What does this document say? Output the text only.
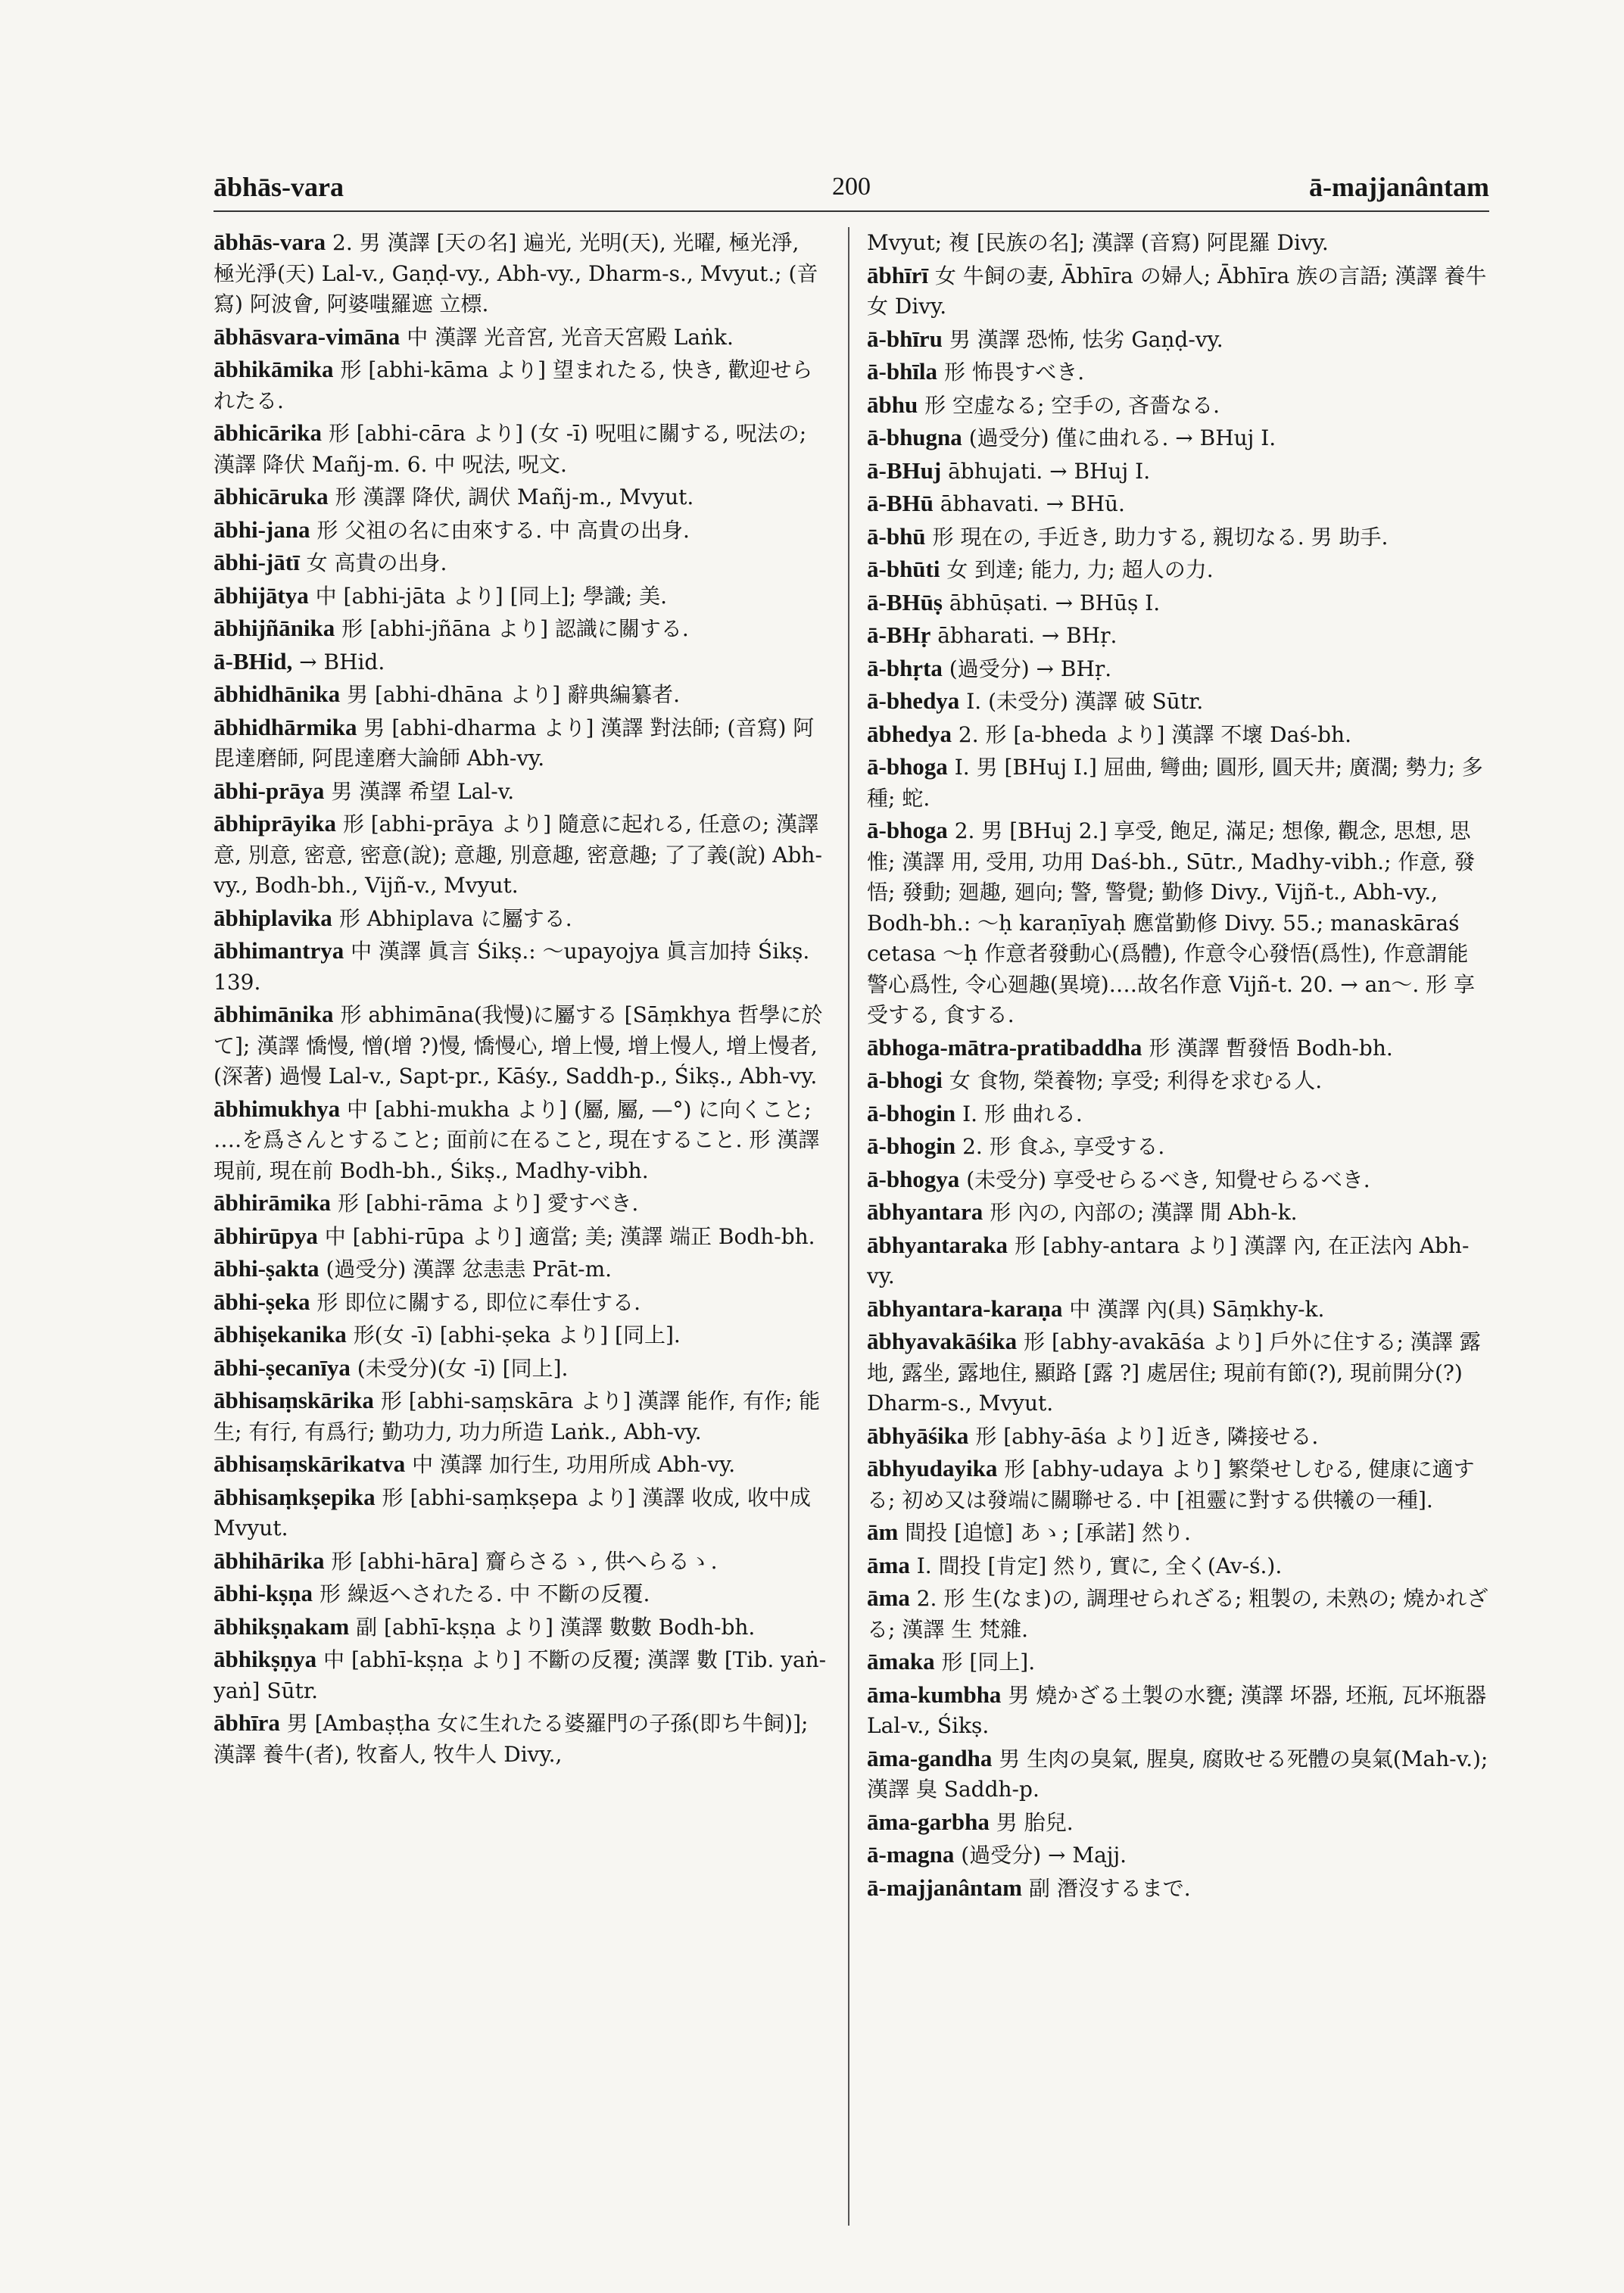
ābhās-vara	200	ā-majjanântam
ābhās-vara 2. 男 漢譯 [天の名] 遍光, 光明(天), 光曜, 極光淨, 極光淨(天) Lal-v., Gaṇḍ-vy., Abh-vy., Dharm-s., Mvyut.; (音寫) 阿波會, 阿婆嗤羅遮 立標.
ābhāsvara-vimāna 中 漢譯 光音宮, 光音天宮殿 Laṅk.
ābhikāmika 形 [abhi-kāma より] 望まれたる, 快き, 歡迎せられたる.
ābhicārika 形 [abhi-cāra より] (女 -ī) 呪咀に關する, 呪法の; 漢譯 降伏 Mañj-m. 6. 中 呪法, 呪文.
ābhicāruka 形 漢譯 降伏, 調伏 Mañj-m., Mvyut.
ābhi-jana 形 父祖の名に由來する. 中 高貴の出身.
ābhi-jātī 女 高貴の出身.
ābhijātya 中 [abhi-jāta より] [同上]; 學識; 美.
ābhijñānika 形 [abhi-jñāna より] 認識に關する.
ā-BHid, → BHid.
ābhidhānika 男 [abhi-dhāna より] 辭典編纂者.
ābhidhārmika 男 [abhi-dharma より] 漢譯 對法師; (音寫) 阿毘達磨師, 阿毘達磨大論師 Abh-vy.
ābhi-prāya 男 漢譯 希望 Lal-v.
ābhiprāyika 形 [abhi-prāya より] 隨意に起れる, 任意の; 漢譯 意, 別意, 密意, 密意(說); 意趣, 別意趣, 密意趣; 了了義(說) Abh-vy., Bodh-bh., Vijñ-v., Mvyut.
ābhiplavika 形 Abhiplava に屬する.
ābhimantrya 中 漢譯 眞言 Śikṣ.: 〜upayojya 眞言加持 Śikṣ. 139.
ābhimānika 形 abhimāna(我慢)に屬する [Sāṃkhya 哲學に於て]; 漢譯 憍慢, 憎(增 ?)慢, 憍慢心, 增上慢, 增上慢人, 增上慢者, (深著) 過慢 Lal-v., Sapt-pr., Kāśy., Saddh-p., Śikṣ., Abh-vy.
ābhimukhya 中 [abhi-mukha より] (屬, 屬, —°) に向くこと; ‥‥を爲さんとすること; 面前に在ること, 現在すること. 形 漢譯 現前, 現在前 Bodh-bh., Śikṣ., Madhy-vibh.
ābhirāmika 形 [abhi-rāma より] 愛すべき.
ābhirūpya 中 [abhi-rūpa より] 適當; 美; 漢譯 端正 Bodh-bh.
ābhi-ṣakta (過受分) 漢譯 忿恚恚 Prāt-m.
ābhi-ṣeka 形 即位に關する, 即位に奉仕する.
ābhiṣekanika 形(女 -ī) [abhi-ṣeka より] [同上].
ābhi-ṣecanīya (未受分)(女 -ī) [同上].
ābhisaṃskārika 形 [abhi-saṃskāra より] 漢譯 能作, 有作; 能生; 有行, 有爲行; 勤功力, 功力所造 Laṅk., Abh-vy.
ābhisaṃskārikatva 中 漢譯 加行生, 功用所成 Abh-vy.
ābhisaṃkṣepika 形 [abhi-saṃkṣepa より] 漢譯 收成, 收中成 Mvyut.
ābhihārika 形 [abhi-hāra] 齎らさるゝ, 供へらるゝ.
ābhi-kṣṇa 形 繰返へされたる. 中 不斷の反覆.
ābhikṣṇakam 副 [abhī-kṣṇa より] 漢譯 數數 Bodh-bh.
ābhikṣṇya 中 [abhī-kṣṇa より] 不斷の反覆; 漢譯 數 [Tib. yaṅ-yaṅ] Sūtr.
ābhīra 男 [Ambaṣṭha 女に生れたる婆羅門の子孫(即ち牛飼)]; 漢譯 養牛(者), 牧畜人, 牧牛人 Divy.,
Mvyut; 複 [民族の名]; 漢譯 (音寫) 阿毘羅 Divy.
ābhīrī 女 牛飼の妻, Ābhīra の婦人; Ābhīra 族の言語; 漢譯 養牛女 Divy.
ā-bhīru 男 漢譯 恐怖, 怯劣 Gaṇḍ-vy.
ā-bhīla 形 怖畏すべき.
ābhu 形 空虚なる; 空手の, 吝嗇なる.
ā-bhugna (過受分) 僅に曲れる. → BHuj I.
ā-BHuj ābhujati. → BHuj I.
ā-BHū ābhavati. → BHū.
ā-bhū 形 現在の, 手近き, 助力する, 親切なる. 男 助手.
ā-bhūti 女 到達; 能力, 力; 超人の力.
ā-BHūṣ ābhūṣati. → BHūṣ I.
ā-BHṛ ābharati. → BHṛ.
ā-bhṛta (過受分) → BHṛ.
ā-bhedya I. (未受分) 漢譯 破 Sūtr.
ābhedya 2. 形 [a-bheda より] 漢譯 不壞 Daś-bh.
ā-bhoga I. 男 [BHuj I.] 屈曲, 彎曲; 圓形, 圓天井; 廣濶; 勢力; 多種; 蛇.
ā-bhoga 2. 男 [BHuj 2.] 享受, 飽足, 滿足; 想像, 觀念, 思想, 思惟; 漢譯 用, 受用, 功用 Daś-bh., Sūtr., Madhy-vibh.; 作意, 發悟; 發動; 廻趣, 廻向; 警, 警覺; 勤修 Divy., Vijñ-t., Abh-vy., Bodh-bh.: 〜ḥ karaṇīyaḥ 應當勤修 Divy. 55.; manaskāraś cetasa 〜ḥ 作意者發動心(爲體), 作意令心發悟(爲性), 作意謂能警心爲性, 令心廻趣(異境)‥‥故名作意 Vijñ-t. 20. → an〜. 形 享受する, 食する.
ābhoga-mātra-pratibaddha 形 漢譯 暫發悟 Bodh-bh.
ā-bhogi 女 食物, 榮養物; 享受; 利得を求むる人.
ā-bhogin I. 形 曲れる.
ā-bhogin 2. 形 食ふ, 享受する.
ā-bhogya (未受分) 享受せらるべき, 知覺せらるべき.
ābhyantara 形 內の, 內部の; 漢譯 閒 Abh-k.
ābhyantaraka 形 [abhy-antara より] 漢譯 內, 在正法內 Abh-vy.
ābhyantara-karaṇa 中 漢譯 內(具) Sāṃkhy-k.
ābhyavakāśika 形 [abhy-avakāśa より] 戶外に住する; 漢譯 露地, 露坐, 露地住, 顯路 [露 ?] 處居住; 現前有節(?), 現前開分(?) Dharm-s., Mvyut.
ābhyāśika 形 [abhy-āśa より] 近き, 隣接せる.
ābhyudayika 形 [abhy-udaya より] 繁榮せしむる, 健康に適する; 初め又は發端に關聯せる. 中 [祖靈に對する供犧の一種].
ām 間投 [追憶] あゝ; [承諾] 然り.
āma I. 間投 [肯定] 然り, 實に, 全く(Av-ś.).
āma 2. 形 生(なま)の, 調理せられざる; 粗製の, 未熟の; 燒かれざる; 漢譯 生 梵雜.
āmaka 形 [同上].
āma-kumbha 男 燒かざる土製の水甕; 漢譯 坏器, 坯瓶, 瓦坏瓶器 Lal-v., Śikṣ.
āma-gandha 男 生肉の臭氣, 腥臭, 腐敗せる死體の臭氣(Mah-v.); 漢譯 臭 Saddh-p.
āma-garbha 男 胎兒.
ā-magna (過受分) → Majj.
ā-majjanântam 副 潛沒するまで.
